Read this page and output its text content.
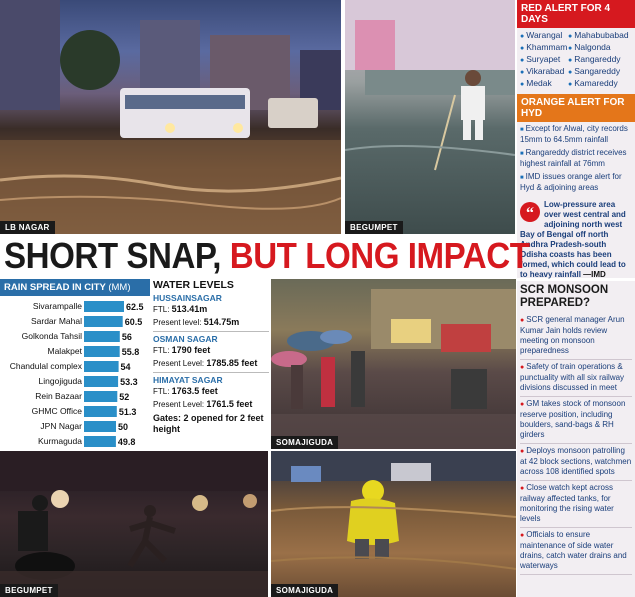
LB NAGAR	BEGUMPET
RED ALERT FOR 4 DAYS
● Warangal	● Mahabubabad
● Khammam ● Nalgonda
● Suryapet	● Rangareddy
● Vikarabad	● Sangareddy
● Medak	● Kamareddy
ORANGE ALERT FOR HYD
■ Except for Alwal, city records 15mm to 64.5mm rainfall
■ Rangareddy district receives highest rainfall at 76mm
■ IMD issues orange alert for Hyd & adjoining areas
“
Low-pressure area over west central and adjoining north west Bay of Bengal off north Andhra Pradesh-south Odisha coasts has been formed, which could lead to to heavy rainfall —IMD
SHORT SNAP, BUT LONG IMPACT
RAIN SPREAD IN CITY (MM)
Sivarampalle	62.5
Sardar Mahal	60.5
Golkonda Tahsil	56
Malakpet	55.8
Chandulal complex	54
Lingojiguda	53.3
Rein Bazaar	52
GHMC Office	51.3
JPN Nagar	50
Kurmaguda	49.8
WATER LEVELS
HUSSAINSAGAR
FTL: 513.41m
Present level: 514.75m
OSMAN SAGAR
FTL: 1790 feet
Present Level: 1785.85 feet
HIMAYAT SAGAR
FTL: 1763.5 feet
Present Level: 1761.5 feet
Gates: 2 opened for 2 feet height
SOMAJIGUDA
BEGUMPET	SOMAJIGUDA
SCR MONSOON PREPARED?
● SCR general manager Arun Kumar Jain holds review meeting on monsoon preparedness
● Safety of train operations & punctuality with all six railway divisions discussed in meet
● GM takes stock of monsoon reserve position, including boulders, sand-bags & RH girders
● Deploys monsoon patrolling at 42 block sections, watchmen across 108 identified spots
● Close watch kept across railway affected tanks, for monitoring the rising water levels
● Officials to ensure maintenance of side water drains, catch water drains and waterways
